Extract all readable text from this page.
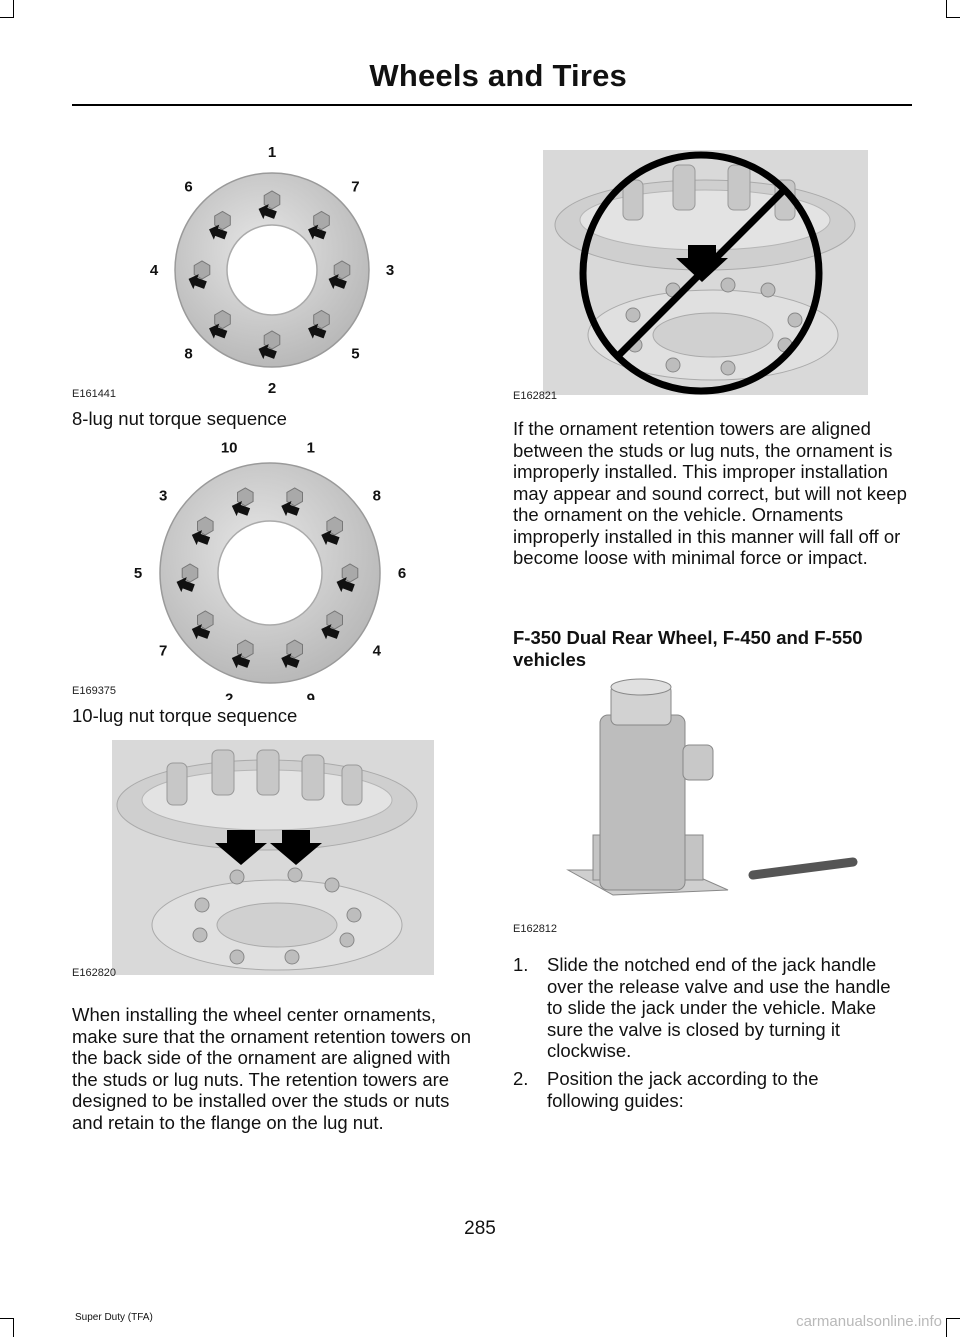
Wheels and Tires
1
7
3
5
2
8
4
6
E161441
8-lug nut torque sequence
1
8
6
4
9
2
7
5
3
10
E169375
10-lug nut torque sequence
E162820

When installing the wheel center ornaments, make sure that the ornament retention towers on the back side of the ornament are aligned with the studs or lug nuts. The retention towers are designed to be installed over the studs or nuts and retain to the flange on the lug nut.

E162821

If the ornament retention towers are aligned between the studs or lug nuts, the ornament is improperly installed. This improper installation may appear and sound correct, but will not keep the ornament on the vehicle. Ornaments improperly installed in this manner will fall off or become loose with minimal force or impact.

F-350 Dual Rear Wheel, F-450 and F-550 vehicles
E162812
1. Slide the notched end of the jack handle over the release valve and use the handle to slide the jack under the vehicle. Make sure the valve is closed by turning it clockwise.
2. Position the jack according to the following guides:
285
Super Duty (TFA)	carmanualsonline.info
